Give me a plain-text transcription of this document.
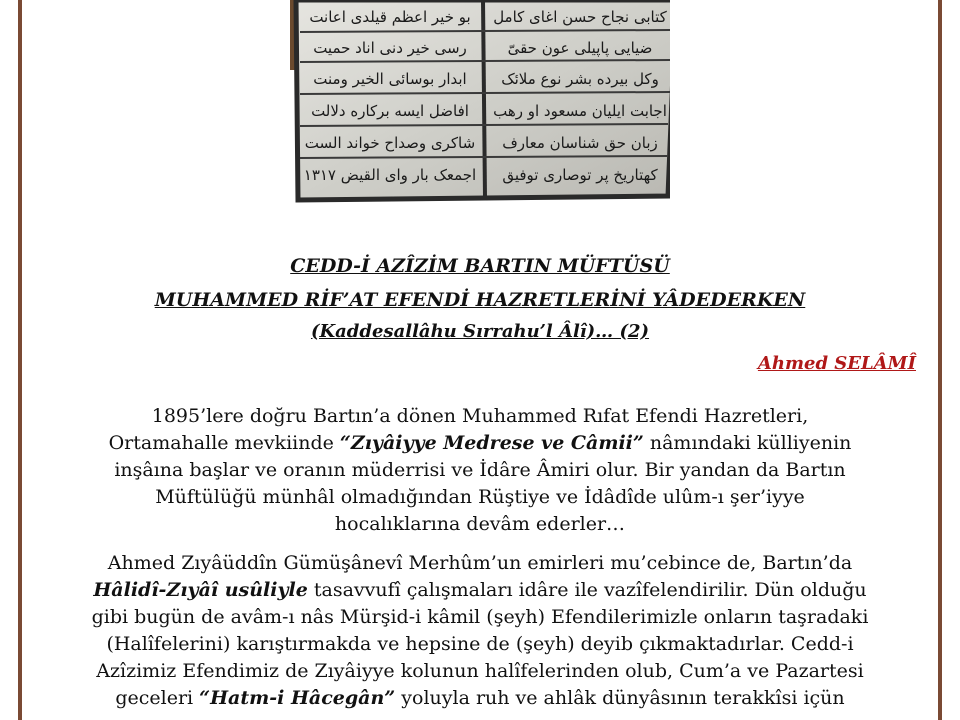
کتابی نجاح حسن اغای کامل
ضیایی پاپیلی عون حقیّ
وکل بیرده بشر نوع ملائک
اجابت ایلیان مسعود او رهب
زبان حق شناسان معارف
کهتاریخ پر توصاری توفیق
بو خیر اعظم قیلدی اعانت
رسی خیر دنی اناد حمیت
ابدار بوسائی الخیر ومنت
افاضل ایسه برکاره دلالت
شاکری وصداح خواند الست
اجمعک بار وای القیض ۱۳۱۷
CEDD-İ AZÎZİM BARTIN MÜFTÜSÜ
MUHAMMED RİF’AT EFENDİ HAZRETLERİNİ YÂDEDERKEN
(Kaddesallâhu Sırrahu’l Âlî)… (2)
Ahmed SELÂMÎ
1895’lere doğru Bartın’a dönen Muhammed Rıfat Efendi Hazretleri,
Ortamahalle mevkiinde “Zıyâiyye Medrese ve Câmii” nâmındaki külliyenin
inşâına başlar ve oranın müderrisi ve İdâre Âmiri olur. Bir yandan da Bartın
Müftülüğü münhâl olmadığından Rüştiye ve İdâdîde ulûm-ı şer’iyye
hocalıklarına devâm ederler…
Ahmed Zıyâüddîn Gümüşânevî Merhûm’un emirleri mu’cebince de, Bartın’da
Hâlidî-Zıyâî usûliyle tasavvufî çalışmaları idâre ile vazîfelendirilir. Dün olduğu
gibi bugün de avâm-ı nâs Mürşid-i kâmil (şeyh) Efendilerimizle onların taşradaki
(Halîfelerini) karıştırmakda ve hepsine de (şeyh) deyib çıkmaktadırlar. Cedd-i
Azîzimiz Efendimiz de Zıyâiyye kolunun halîfelerinden olub, Cum’a ve Pazartesi
geceleri “Hatm-i Hâcegân” yoluyla ruh ve ahlâk dünyâsının terakkîsi içün
